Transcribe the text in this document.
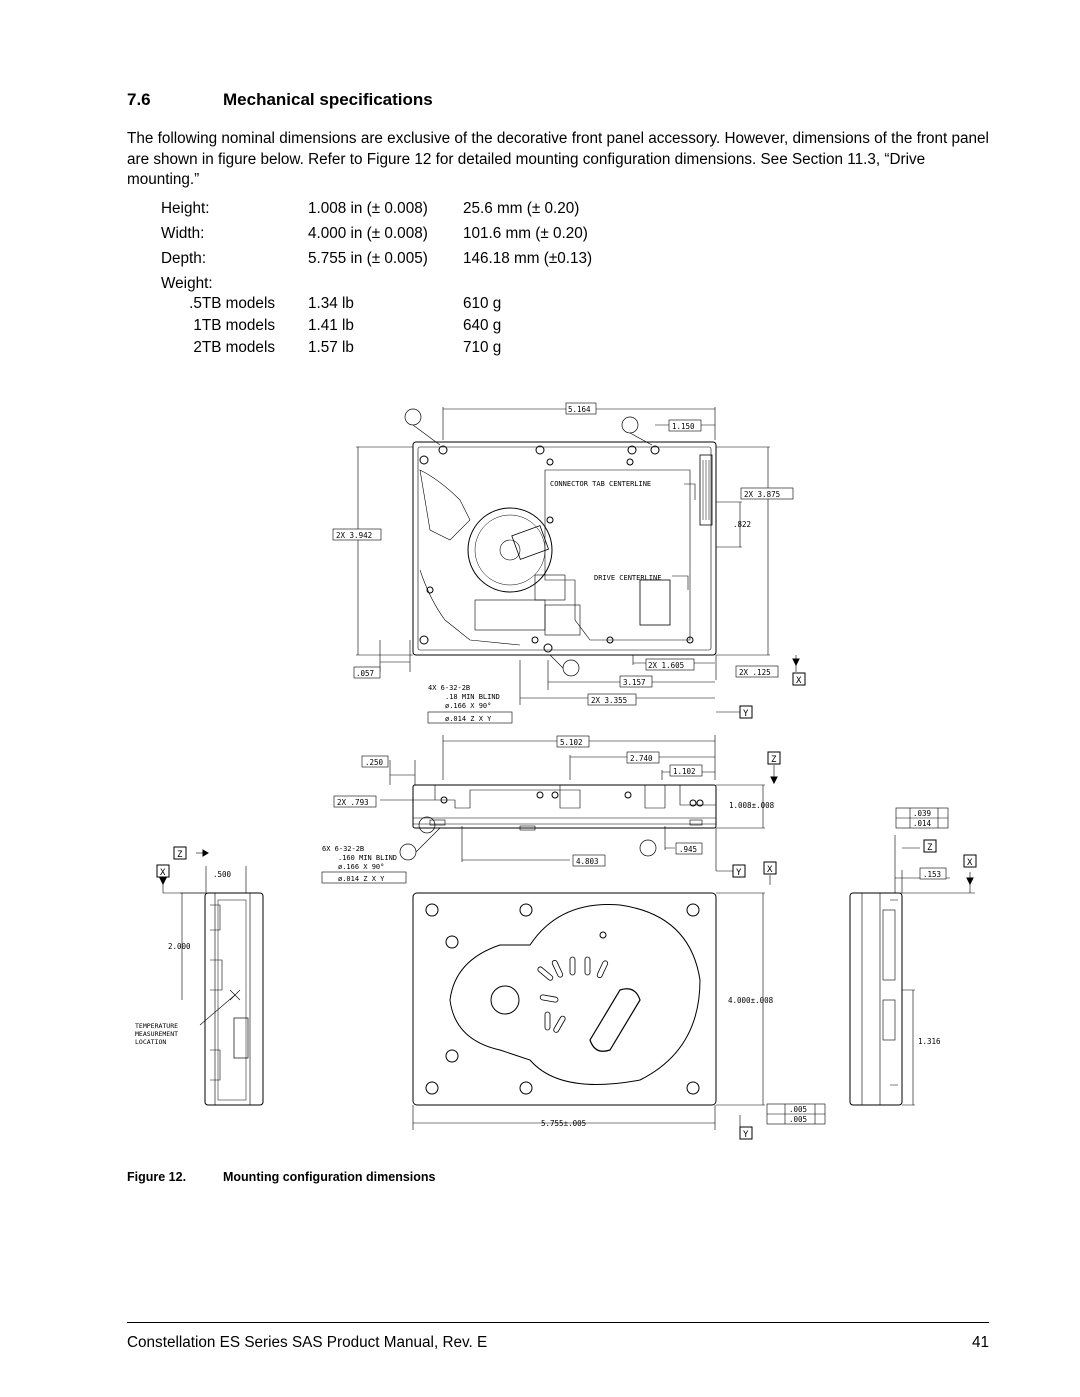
7.6	Mechanical specifications
The following nominal dimensions are exclusive of the decorative front panel accessory. However, dimensions of the front panel are shown in figure below. Refer to Figure 12 for detailed mounting configuration dimensions. See Section 11.3, “Drive mounting.”
Height:	1.008 in (± 0.008) 25.6 mm (± 0.20)
Width:	4.000 in (± 0.008) 101.6 mm (± 0.20)
Depth:	5.755 in (± 0.005) 146.18 mm (±0.13)
Weight:
.5TB models 1.34 lb	610 g
1TB models 1.41 lb	640 g
2TB models 1.57 lb	710 g
5.164
1.150
2X 3.875
.822
2X 3.942
CONNECTOR TAB CENTERLINE
DRIVE CENTERLINE
.057
2X 1.605
2X .125
3.157
2X 3.355
4X 6-32-2B
.18 MIN BLIND
ø.166 X 90°
ø.014 Z X Y
5.102
2.740
1.102
.250
2X .793	1.008±.008
4.803
.945
6X 6-32-2B
.160 MIN BLIND
ø.166 X 90°
ø.014 Z X Y
.500
2.000
TEMPERATURE
MEASUREMENT
LOCATION
4.000±.008
1.316
.153
5.755±.005
.039
.014
.005
.005
X
Y
Z
Y	X
Z
X
Z
X
Y
Figure 12.	Mounting configuration dimensions
Constellation ES Series SAS Product Manual, Rev. E	41
